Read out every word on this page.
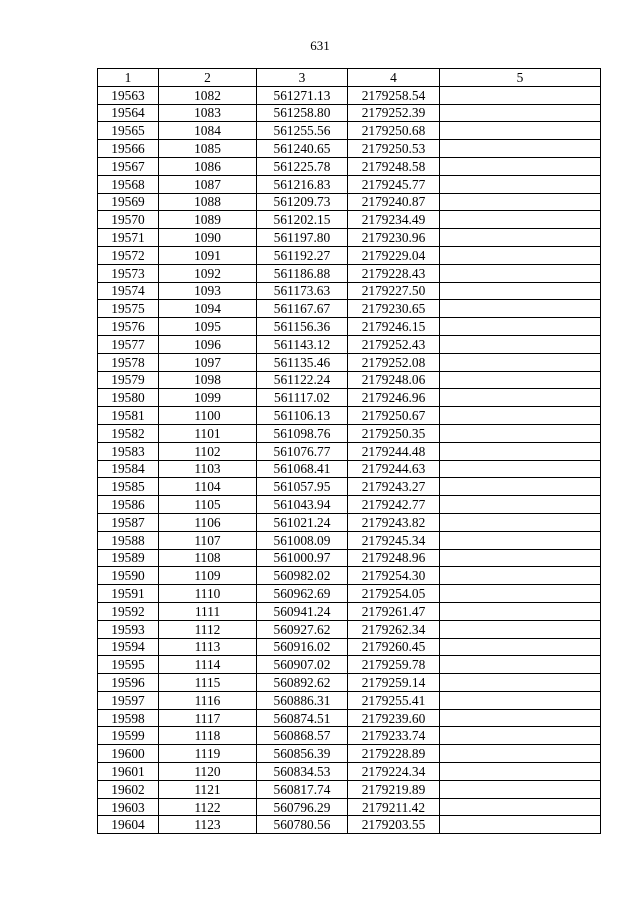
631
1	2	3	4	5
19563	1082	561271.13	2179258.54	
19564	1083	561258.80	2179252.39	
19565	1084	561255.56	2179250.68	
19566	1085	561240.65	2179250.53	
19567	1086	561225.78	2179248.58	
19568	1087	561216.83	2179245.77	
19569	1088	561209.73	2179240.87	
19570	1089	561202.15	2179234.49	
19571	1090	561197.80	2179230.96	
19572	1091	561192.27	2179229.04	
19573	1092	561186.88	2179228.43	
19574	1093	561173.63	2179227.50	
19575	1094	561167.67	2179230.65	
19576	1095	561156.36	2179246.15	
19577	1096	561143.12	2179252.43	
19578	1097	561135.46	2179252.08	
19579	1098	561122.24	2179248.06	
19580	1099	561117.02	2179246.96	
19581	1100	561106.13	2179250.67	
19582	1101	561098.76	2179250.35	
19583	1102	561076.77	2179244.48	
19584	1103	561068.41	2179244.63	
19585	1104	561057.95	2179243.27	
19586	1105	561043.94	2179242.77	
19587	1106	561021.24	2179243.82	
19588	1107	561008.09	2179245.34	
19589	1108	561000.97	2179248.96	
19590	1109	560982.02	2179254.30	
19591	1110	560962.69	2179254.05	
19592	1111	560941.24	2179261.47	
19593	1112	560927.62	2179262.34	
19594	1113	560916.02	2179260.45	
19595	1114	560907.02	2179259.78	
19596	1115	560892.62	2179259.14	
19597	1116	560886.31	2179255.41	
19598	1117	560874.51	2179239.60	
19599	1118	560868.57	2179233.74	
19600	1119	560856.39	2179228.89	
19601	1120	560834.53	2179224.34	
19602	1121	560817.74	2179219.89	
19603	1122	560796.29	2179211.42	
19604	1123	560780.56	2179203.55	
